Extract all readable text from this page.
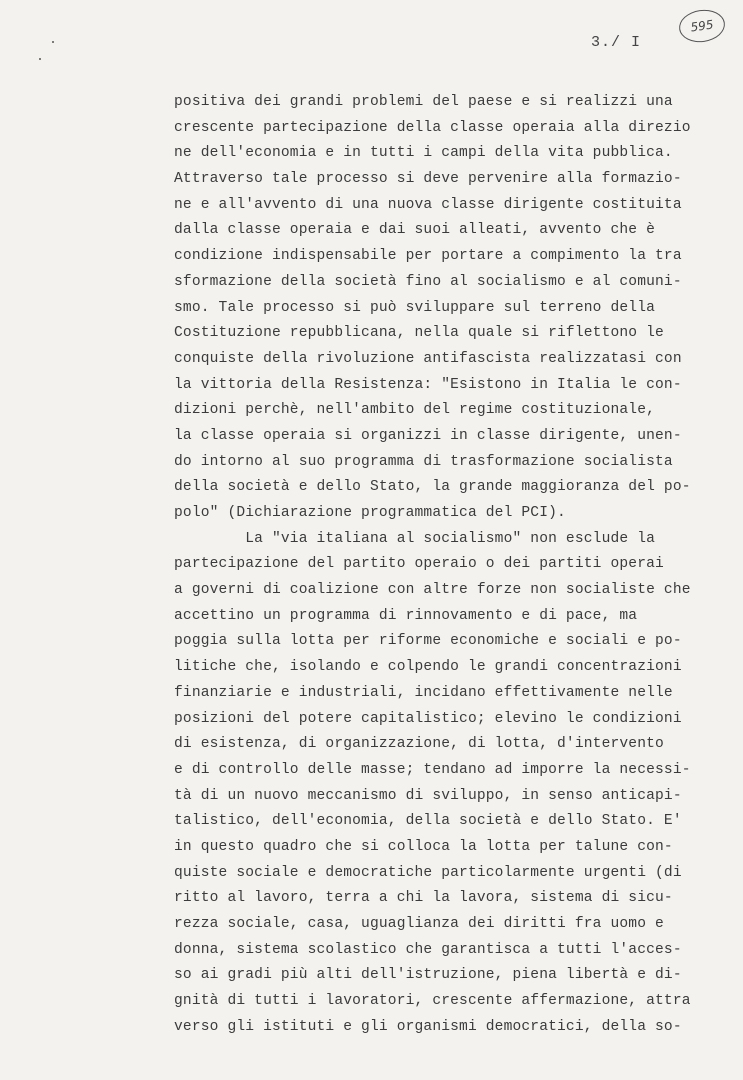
3./ I
595
positiva dei grandi problemi del paese e si realizzi una
crescente partecipazione della classe operaia alla direzio
ne dell'economia e in tutti i campi della vita pubblica.
Attraverso tale processo si deve pervenire alla formazio-
ne e all'avvento di una nuova classe dirigente costituita
dalla classe operaia e dai suoi alleati, avvento che è
condizione indispensabile per portare a compimento la tra
sformazione della società fino al socialismo e al comuni-
smo. Tale processo si può sviluppare sul terreno della
Costituzione repubblicana, nella quale si riflettono le
conquiste della rivoluzione antifascista realizzatasi con
la vittoria della Resistenza: "Esistono in Italia le con-
dizioni perchè, nell'ambito del regime costituzionale,
la classe operaia si organizzi in classe dirigente, unen-
do intorno al suo programma di trasformazione socialista
della società e dello Stato, la grande maggioranza del po-
polo" (Dichiarazione programmatica del PCI).
La "via italiana al socialismo" non esclude la
partecipazione del partito operaio o dei partiti operai
a governi di coalizione con altre forze non socialiste che
accettino un programma di rinnovamento e di pace, ma
poggia sulla lotta per riforme economiche e sociali e po-
litiche che, isolando e colpendo le grandi concentrazioni
finanziarie e industriali, incidano effettivamente nelle
posizioni del potere capitalistico; elevino le condizioni
di esistenza, di organizzazione, di lotta, d'intervento
e di controllo delle masse; tendano ad imporre la necessi-
tà di un nuovo meccanismo di sviluppo, in senso anticapi-
talistico, dell'economia, della società e dello Stato. E'
in questo quadro che si colloca la lotta per talune con-
quiste sociale e democratiche particolarmente urgenti (di
ritto al lavoro, terra a chi la lavora, sistema di sicu-
rezza sociale, casa, uguaglianza dei diritti fra uomo e
donna, sistema scolastico che garantisca a tutti l'acces-
so ai gradi più alti dell'istruzione, piena libertà e di-
gnità di tutti i lavoratori, crescente affermazione, attra
verso gli istituti e gli organismi democratici, della so-
